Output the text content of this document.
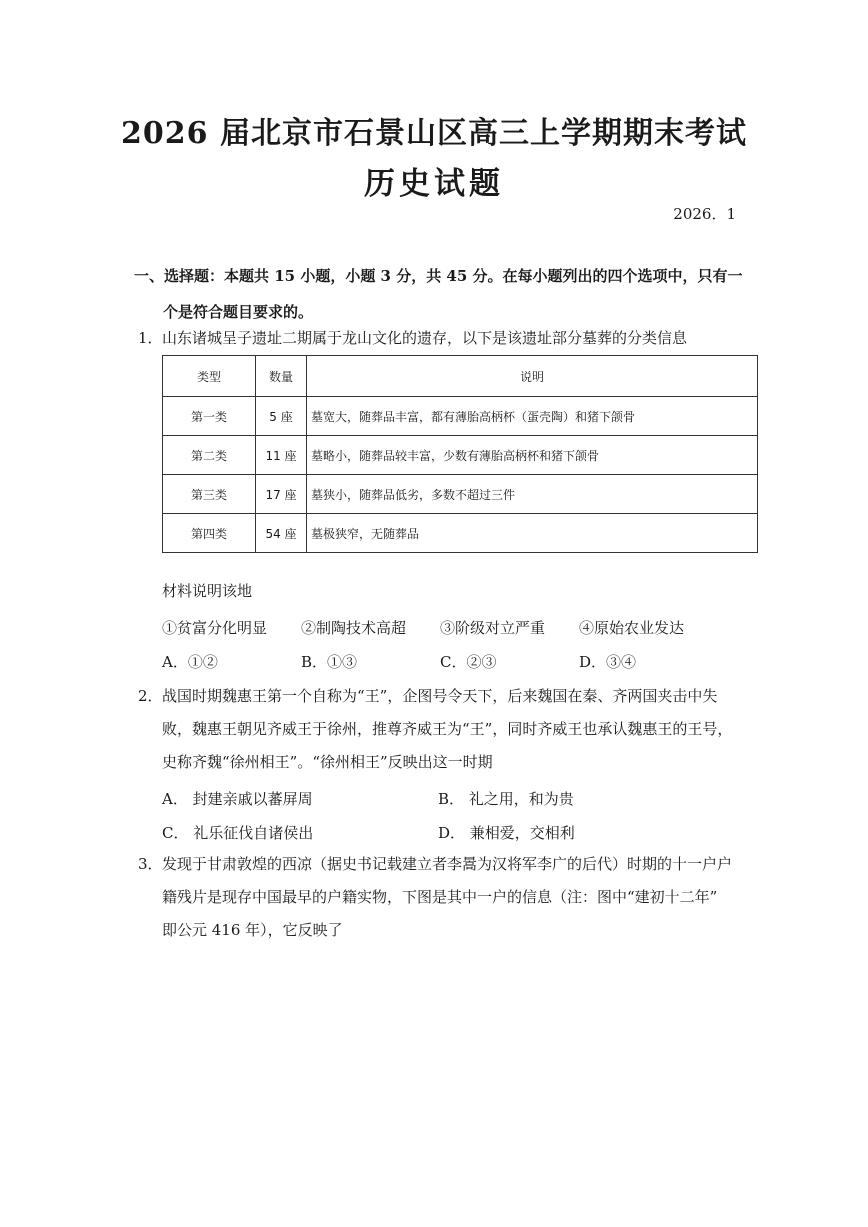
2026 届北京市石景山区高三上学期期末考试
历史试题
2026．1
一、选择题：本题共 15 小题，小题 3 分，共 45 分。在每小题列出的四个选项中，只有一
个是符合题目要求的。
1．山东诸城呈子遗址二期属于龙山文化的遗存，以下是该遗址部分墓葬的分类信息
类型	数量	说明
第一类	5 座	墓宽大，随葬品丰富，都有薄胎高柄杯（蛋壳陶）和猪下颌骨
第二类	11 座	墓略小，随葬品较丰富，少数有薄胎高柄杯和猪下颌骨
第三类	17 座	墓狭小，随葬品低劣，多数不超过三件
第四类	54 座	墓极狭窄，无随葬品
材料说明该地
①贫富分化明显	②制陶技术高超	③阶级对立严重	④原始农业发达
A．①②	B．①③	C．②③	D．③④
2．战国时期魏惠王第一个自称为“王”，企图号令天下，后来魏国在秦、齐两国夹击中失
败，魏惠王朝见齐威王于徐州，推尊齐威王为“王”，同时齐威王也承认魏惠王的王号，
史称齐魏“徐州相王”。“徐州相王”反映出这一时期
A． 封建亲戚以蕃屏周	B． 礼之用，和为贵
C． 礼乐征伐自诸侯出	D． 兼相爱，交相利
3．发现于甘肃敦煌的西凉（据史书记载建立者李暠为汉将军李广的后代）时期的十一户户
籍残片是现存中国最早的户籍实物，下图是其中一户的信息（注：图中“建初十二年”
即公元 416 年），它反映了
